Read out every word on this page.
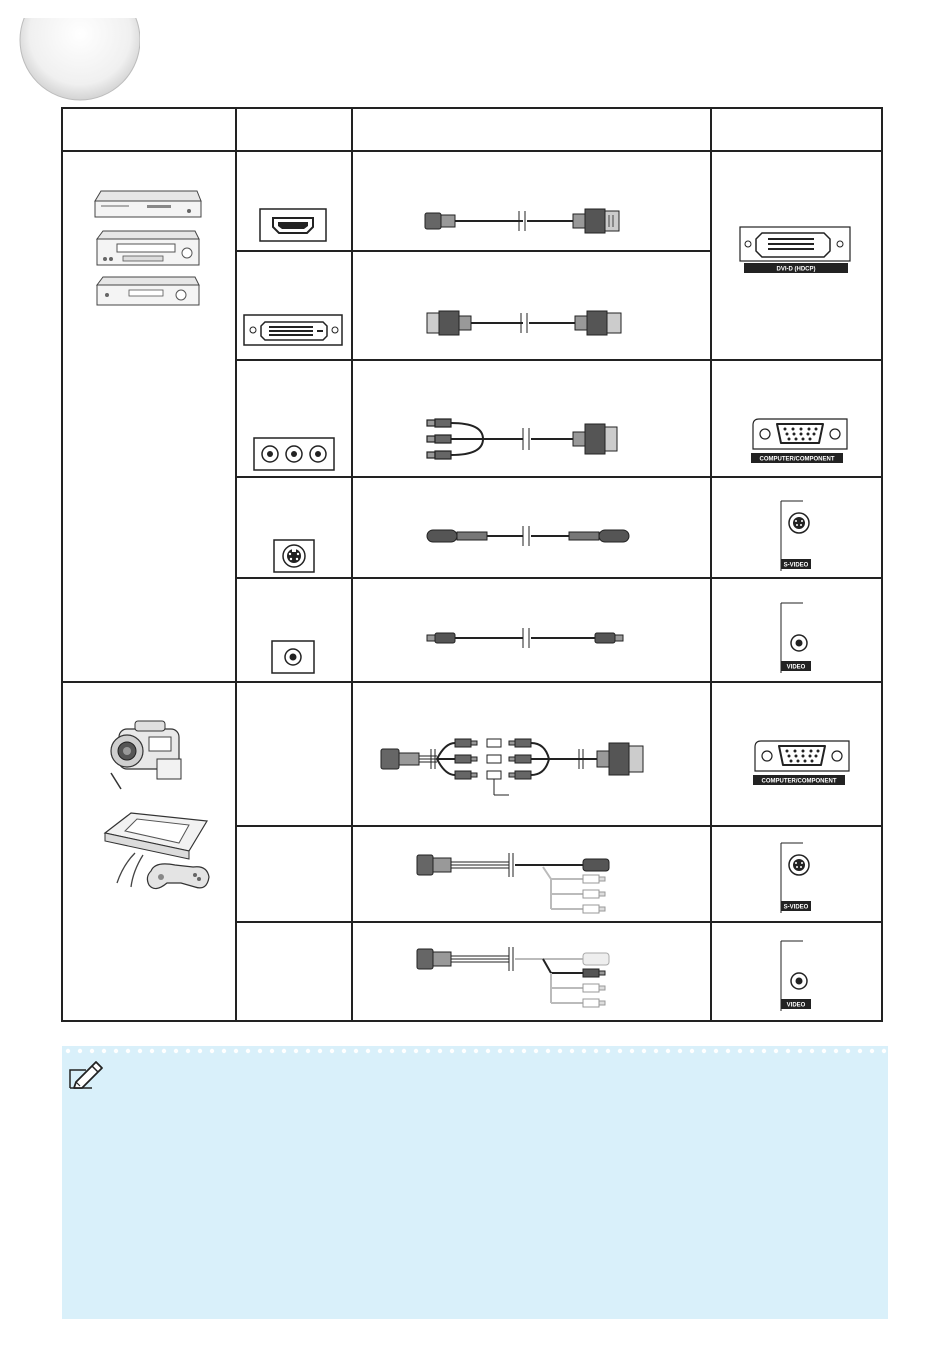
DVI-D (HDCP)
COMPUTER/COMPONENT
S-VIDEO
VIDEO
COMPUTER/COMPONENT
S-VIDEO
VIDEO
